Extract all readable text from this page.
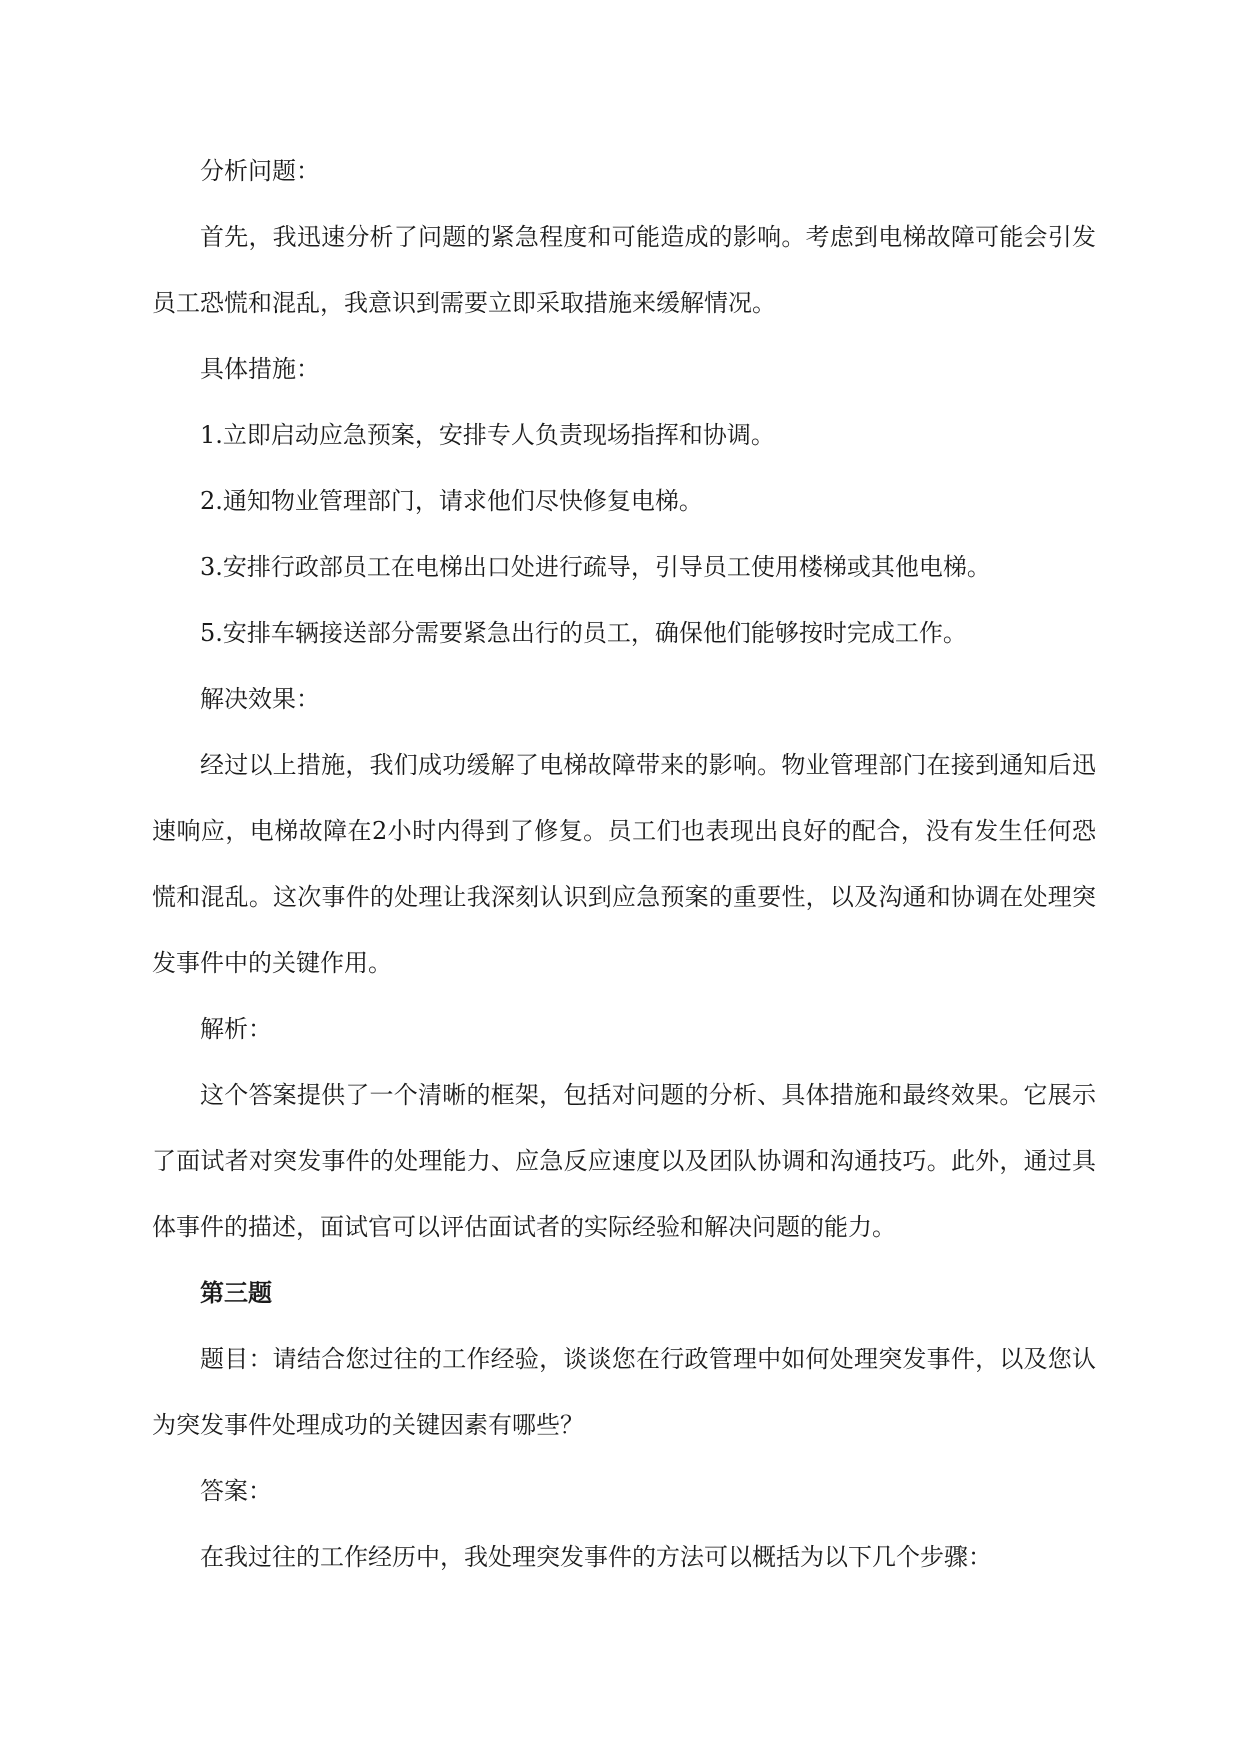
分析问题：

首先，我迅速分析了问题的紧急程度和可能造成的影响。考虑到电梯故障可能会引发员工恐慌和混乱，我意识到需要立即采取措施来缓解情况。

具体措施：

1.立即启动应急预案，安排专人负责现场指挥和协调。

2.通知物业管理部门，请求他们尽快修复电梯。

3.安排行政部员工在电梯出口处进行疏导，引导员工使用楼梯或其他电梯。

5.安排车辆接送部分需要紧急出行的员工，确保他们能够按时完成工作。

解决效果：

经过以上措施，我们成功缓解了电梯故障带来的影响。物业管理部门在接到通知后迅速响应，电梯故障在2小时内得到了修复。员工们也表现出良好的配合，没有发生任何恐慌和混乱。这次事件的处理让我深刻认识到应急预案的重要性，以及沟通和协调在处理突发事件中的关键作用。

解析：

这个答案提供了一个清晰的框架，包括对问题的分析、具体措施和最终效果。它展示了面试者对突发事件的处理能力、应急反应速度以及团队协调和沟通技巧。此外，通过具体事件的描述，面试官可以评估面试者的实际经验和解决问题的能力。

第三题

题目：请结合您过往的工作经验，谈谈您在行政管理中如何处理突发事件，以及您认为突发事件处理成功的关键因素有哪些？

答案：

在我过往的工作经历中，我处理突发事件的方法可以概括为以下几个步骤：
